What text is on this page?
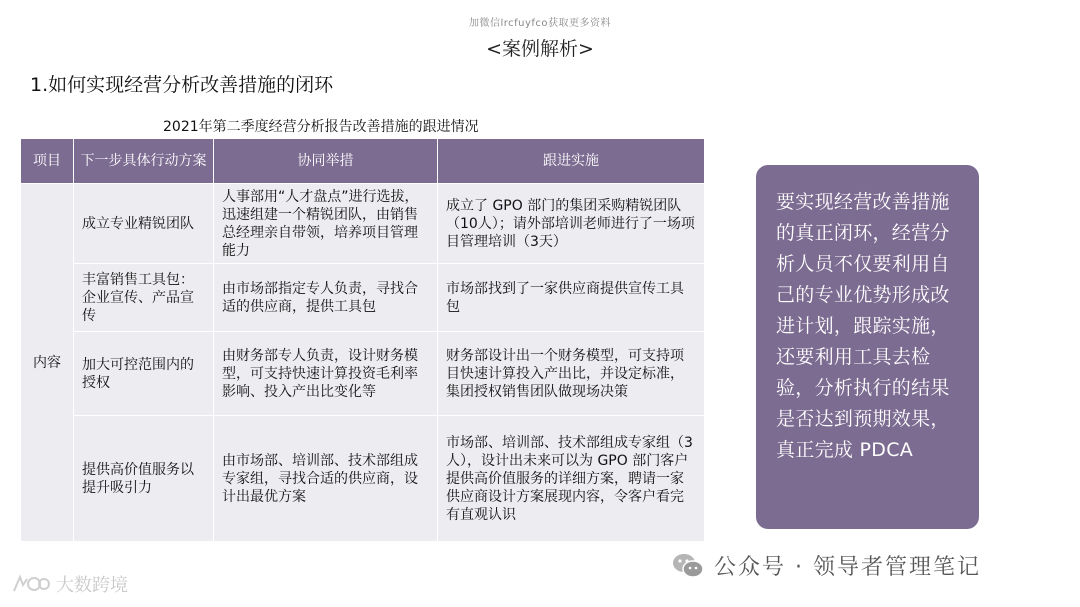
加微信lrcfuyfco获取更多资料
<案例解析>
1.如何实现经营分析改善措施的闭环
2021年第二季度经营分析报告改善措施的跟进情况
项目	下一步具体行动方案	协同举措	跟进实施
内容	成立专业精锐团队	人事部用“人才盘点”进行选拔，迅速组建一个精锐团队，由销售总经理亲自带领，培养项目管理能力	成立了 GPO 部门的集团采购精锐团队（10人）；请外部培训老师进行了一场项目管理培训（3天）
	丰富销售工具包：企业宣传、产品宣传	由市场部指定专人负责，寻找合适的供应商，提供工具包	市场部找到了一家供应商提供宣传工具包
	加大可控范围内的授权	由财务部专人负责，设计财务模型，可支持快速计算投资毛利率影响、投入产出比变化等	财务部设计出一个财务模型，可支持项目快速计算投入产出比，并设定标准，集团授权销售团队做现场决策
	提供高价值服务以提升吸引力	由市场部、培训部、技术部组成专家组，寻找合适的供应商，设计出最优方案	市场部、培训部、技术部组成专家组（3人），设计出未来可以为 GPO 部门客户提供高价值服务的详细方案，聘请一家供应商设计方案展现内容，令客户看完有直观认识
要实现经营改善措施的真正闭环，经营分析人员不仅要利用自己的专业优势形成改进计划，跟踪实施，还要利用工具去检验，分析执行的结果是否达到预期效果，真正完成 PDCA
公众号 · 领导者管理笔记
大数跨境
